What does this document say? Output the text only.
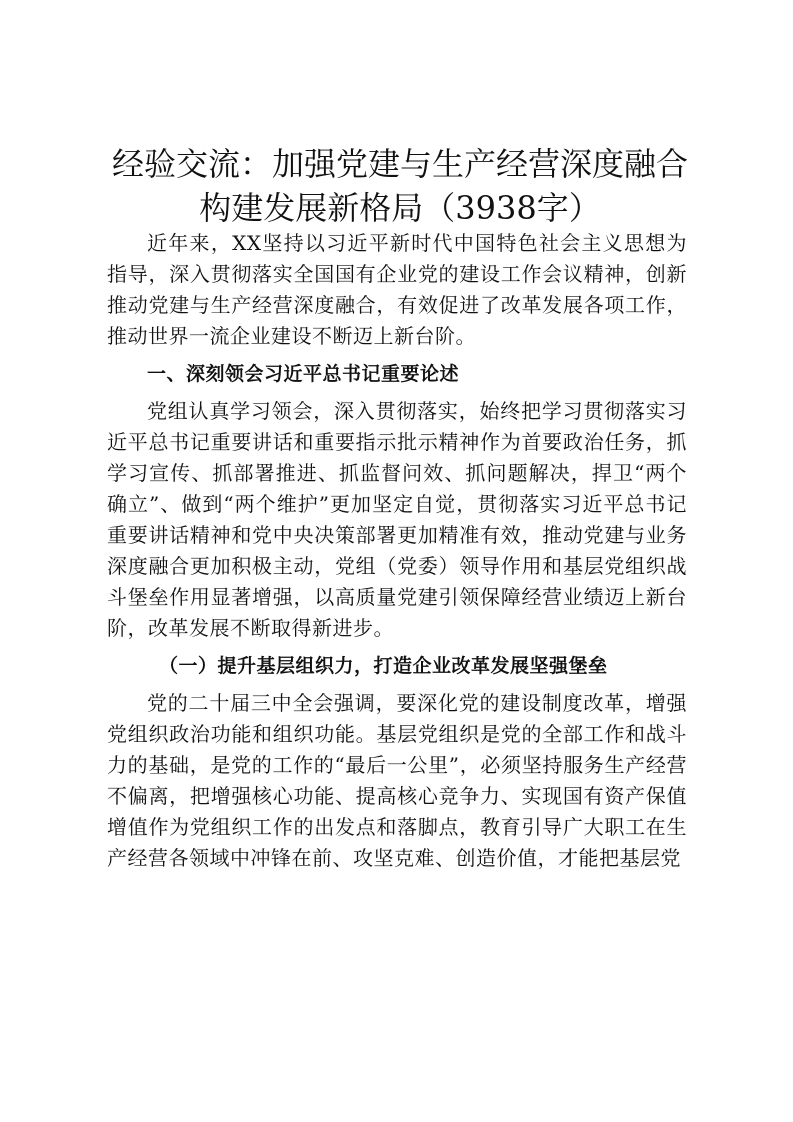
经验交流：加强党建与生产经营深度融合构建发展新格局（3938字）

近年来，XX坚持以习近平新时代中国特色社会主义思想为指导，深入贯彻落实全国国有企业党的建设工作会议精神，创新推动党建与生产经营深度融合，有效促进了改革发展各项工作，推动世界一流企业建设不断迈上新台阶。

一、深刻领会习近平总书记重要论述

党组认真学习领会，深入贯彻落实，始终把学习贯彻落实习近平总书记重要讲话和重要指示批示精神作为首要政治任务，抓学习宣传、抓部署推进、抓监督问效、抓问题解决，捍卫“两个确立”、做到“两个维护”更加坚定自觉，贯彻落实习近平总书记重要讲话精神和党中央决策部署更加精准有效，推动党建与业务深度融合更加积极主动，党组（党委）领导作用和基层党组织战斗堡垒作用显著增强，以高质量党建引领保障经营业绩迈上新台阶，改革发展不断取得新进步。

（一）提升基层组织力，打造企业改革发展坚强堡垒

党的二十届三中全会强调，要深化党的建设制度改革，增强党组织政治功能和组织功能。基层党组织是党的全部工作和战斗力的基础，是党的工作的“最后一公里”，必须坚持服务生产经营不偏离，把增强核心功能、提高核心竞争力、实现国有资产保值增值作为党组织工作的出发点和落脚点，教育引导广大职工在生产经营各领域中冲锋在前、攻坚克难、创造价值，才能把基层党
